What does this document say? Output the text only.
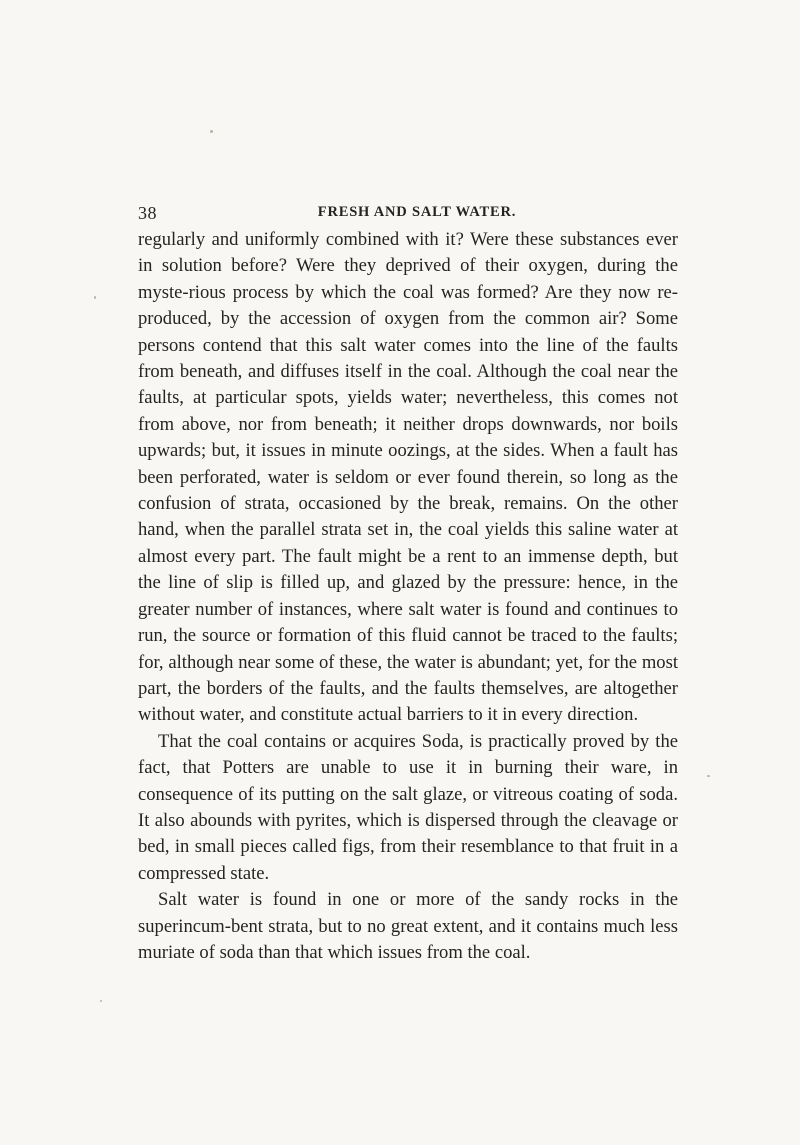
38	FRESH AND SALT WATER.

regularly and uniformly combined with it? Were these substances ever in solution before? Were they deprived of their oxygen, during the myste-rious process by which the coal was formed? Are they now re-produced, by the accession of oxygen from the common air? Some persons contend that this salt water comes into the line of the faults from beneath, and diffuses itself in the coal. Although the coal near the faults, at particular spots, yields water; nevertheless, this comes not from above, nor from beneath; it neither drops downwards, nor boils upwards; but, it issues in minute oozings, at the sides. When a fault has been perforated, water is seldom or ever found therein, so long as the confusion of strata, occasioned by the break, remains. On the other hand, when the parallel strata set in, the coal yields this saline water at almost every part. The fault might be a rent to an immense depth, but the line of slip is filled up, and glazed by the pressure: hence, in the greater number of instances, where salt water is found and continues to run, the source or formation of this fluid cannot be traced to the faults; for, although near some of these, the water is abundant; yet, for the most part, the borders of the faults, and the faults themselves, are altogether without water, and constitute actual barriers to it in every direction.

That the coal contains or acquires Soda, is practically proved by the fact, that Potters are unable to use it in burning their ware, in consequence of its putting on the salt glaze, or vitreous coating of soda. It also abounds with pyrites, which is dispersed through the cleavage or bed, in small pieces called figs, from their resemblance to that fruit in a compressed state.

Salt water is found in one or more of the sandy rocks in the superincum-bent strata, but to no great extent, and it contains much less muriate of soda than that which issues from the coal.
